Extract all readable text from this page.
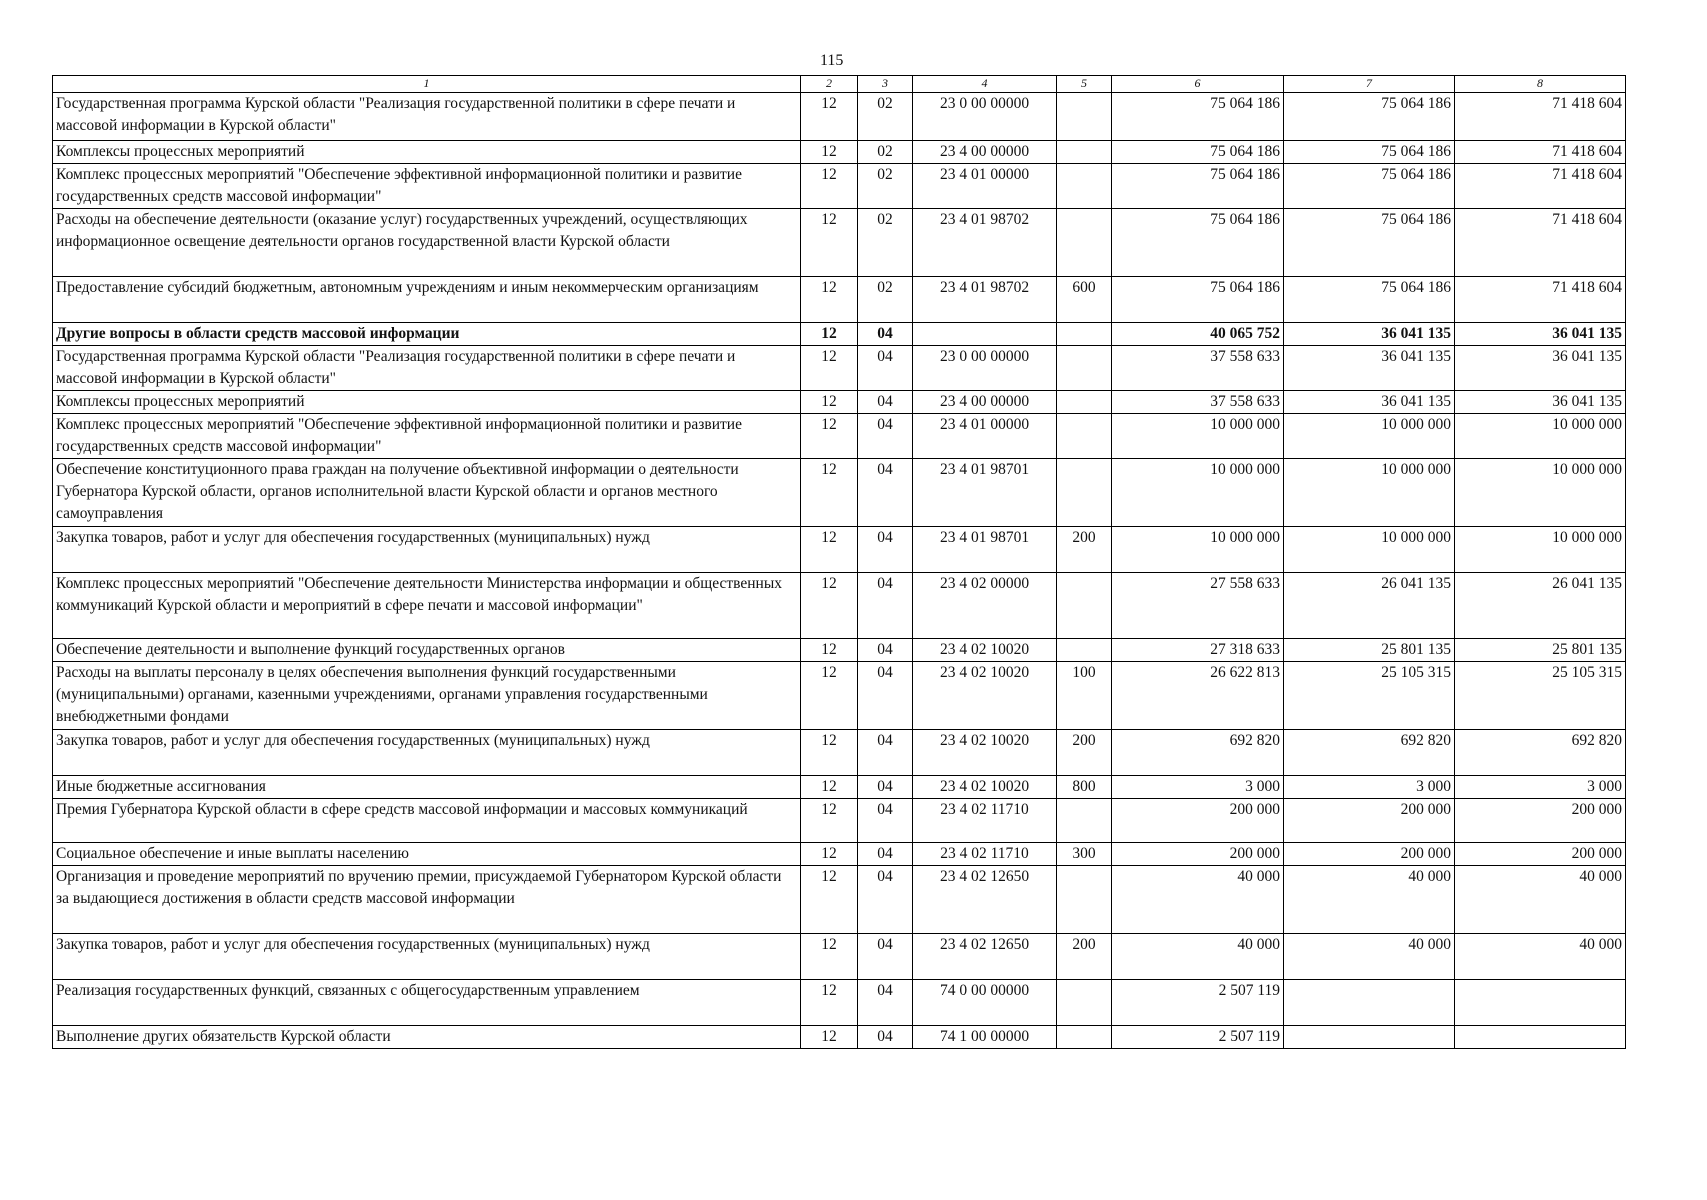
115
1	2	3	4	5	6	7	8
Государственная программа Курской области "Реализация государственной политики в сфере печати и массовой информации в Курской области"	12	02	23 0 00 00000		75 064 186	75 064 186	71 418 604
Комплексы процессных мероприятий	12	02	23 4 00 00000		75 064 186	75 064 186	71 418 604
Комплекс процессных мероприятий "Обеспечение эффективной информационной политики и развитие государственных средств массовой информации"	12	02	23 4 01 00000		75 064 186	75 064 186	71 418 604
Расходы на обеспечение деятельности (оказание услуг) государственных учреждений, осуществляющих информационное освещение деятельности органов государственной власти Курской области	12	02	23 4 01 98702		75 064 186	75 064 186	71 418 604
Предоставление субсидий бюджетным, автономным учреждениям и иным некоммерческим организациям	12	02	23 4 01 98702	600	75 064 186	75 064 186	71 418 604
Другие вопросы в области средств массовой информации	12	04			40 065 752	36 041 135	36 041 135
Государственная программа Курской области "Реализация государственной политики в сфере печати и массовой информации в Курской области"	12	04	23 0 00 00000		37 558 633	36 041 135	36 041 135
Комплексы процессных мероприятий	12	04	23 4 00 00000		37 558 633	36 041 135	36 041 135
Комплекс процессных мероприятий "Обеспечение эффективной информационной политики и развитие государственных средств массовой информации"	12	04	23 4 01 00000		10 000 000	10 000 000	10 000 000
Обеспечение конституционного права граждан на получение объективной информации о деятельности Губернатора Курской области, органов исполнительной власти Курской области и органов местного самоуправления	12	04	23 4 01 98701		10 000 000	10 000 000	10 000 000
Закупка товаров, работ и услуг для обеспечения государственных (муниципальных) нужд	12	04	23 4 01 98701	200	10 000 000	10 000 000	10 000 000
Комплекс процессных мероприятий "Обеспечение деятельности Министерства информации и общественных коммуникаций Курской области и мероприятий в сфере печати и массовой информации"	12	04	23 4 02 00000		27 558 633	26 041 135	26 041 135
Обеспечение деятельности и выполнение функций государственных органов	12	04	23 4 02 10020		27 318 633	25 801 135	25 801 135
Расходы на выплаты персоналу в целях обеспечения выполнения функций государственными (муниципальными) органами, казенными учреждениями, органами управления государственными внебюджетными фондами	12	04	23 4 02 10020	100	26 622 813	25 105 315	25 105 315
Закупка товаров, работ и услуг для обеспечения государственных (муниципальных) нужд	12	04	23 4 02 10020	200	692 820	692 820	692 820
Иные бюджетные ассигнования	12	04	23 4 02 10020	800	3 000	3 000	3 000
Премия Губернатора Курской области в сфере средств массовой информации и массовых коммуникаций	12	04	23 4 02 11710		200 000	200 000	200 000
Социальное обеспечение и иные выплаты населению	12	04	23 4 02 11710	300	200 000	200 000	200 000
Организация и проведение мероприятий по вручению премии, присуждаемой Губернатором Курской области за выдающиеся достижения в области средств массовой информации	12	04	23 4 02 12650		40 000	40 000	40 000
Закупка товаров, работ и услуг для обеспечения государственных (муниципальных) нужд	12	04	23 4 02 12650	200	40 000	40 000	40 000
Реализация государственных функций, связанных с общегосударственным управлением	12	04	74 0 00 00000		2 507 119		
Выполнение других обязательств Курской области	12	04	74 1 00 00000		2 507 119		
